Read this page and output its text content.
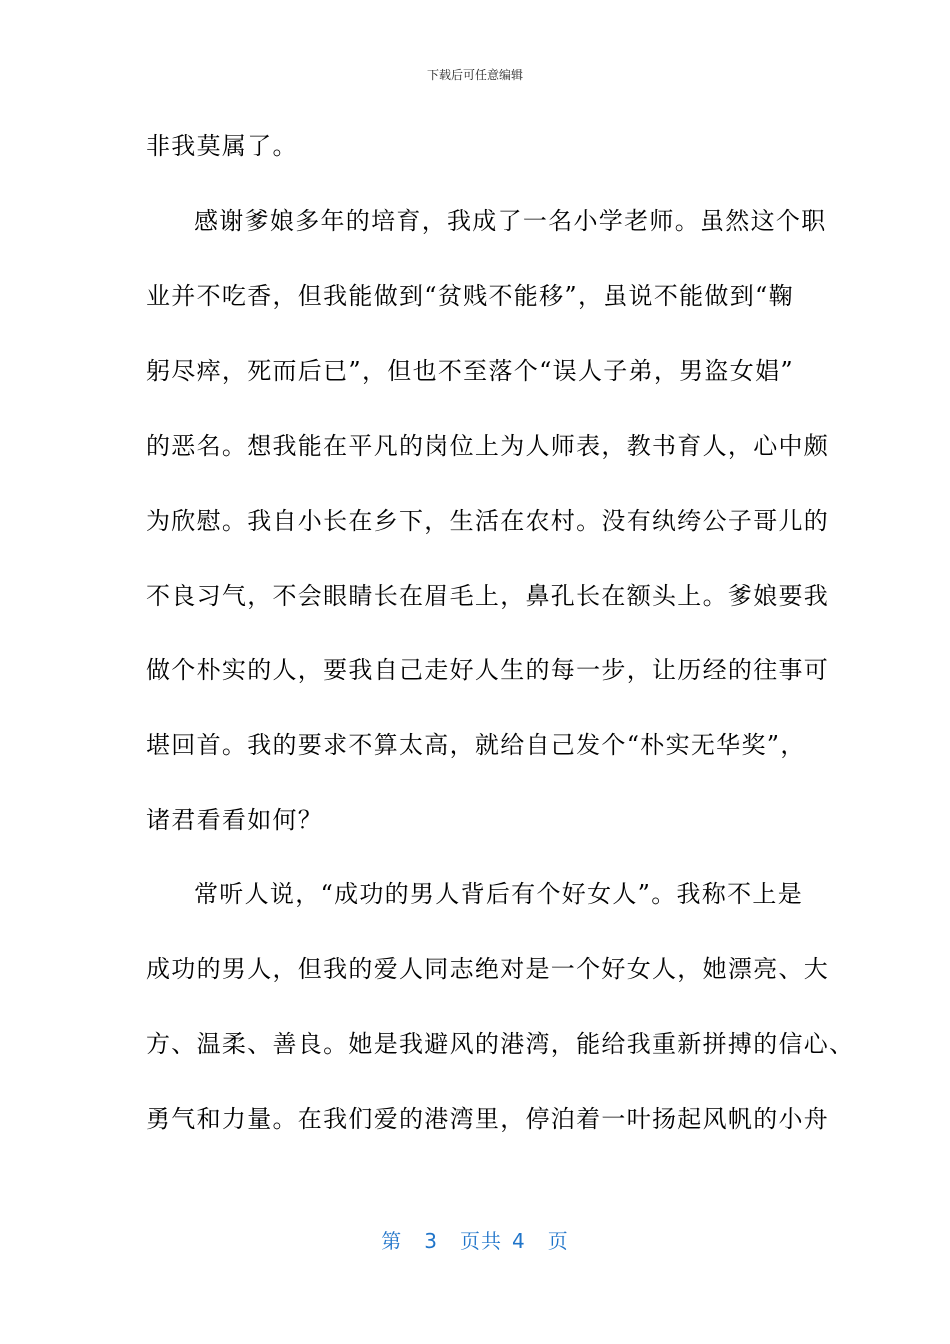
下载后可任意编辑
非我莫属了。
感谢爹娘多年的培育，我成了一名小学老师。虽然这个职
业并不吃香，但我能做到“贫贱不能移”，虽说不能做到“鞠
躬尽瘁，死而后已”，但也不至落个“误人子弟，男盗女娼”
的恶名。想我能在平凡的岗位上为人师表，教书育人，心中颇
为欣慰。我自小长在乡下，生活在农村。没有纨绔公子哥儿的
不良习气，不会眼睛长在眉毛上，鼻孔长在额头上。爹娘要我
做个朴实的人，要我自己走好人生的每一步，让历经的往事可
堪回首。我的要求不算太高，就给自己发个“朴实无华奖”，
诸君看看如何？
常听人说，“成功的男人背后有个好女人”。我称不上是
成功的男人，但我的爱人同志绝对是一个好女人，她漂亮、大
方、温柔、善良。她是我避风的港湾，能给我重新拼搏的信心、
勇气和力量。在我们爱的港湾里，停泊着一叶扬起风帆的小舟
第 3 页共 4 页
